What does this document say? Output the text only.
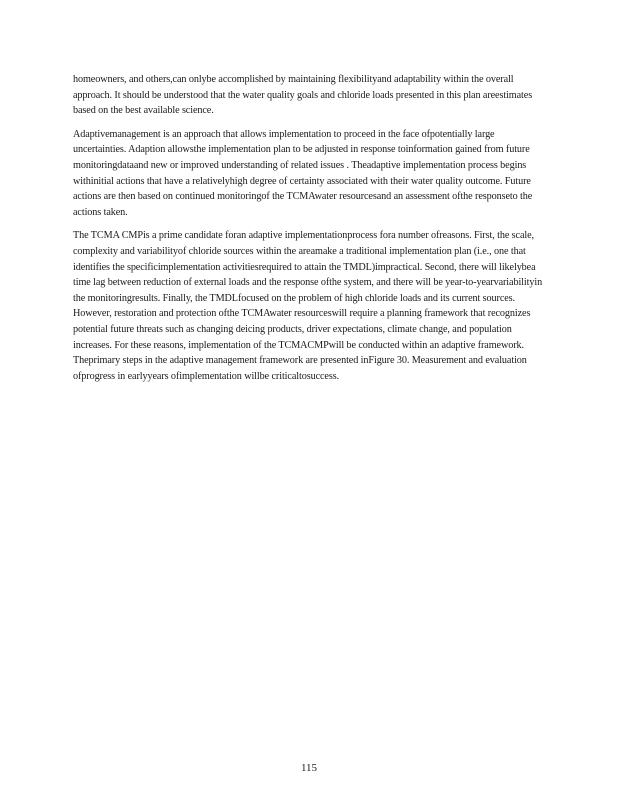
homeowners, and others,can onlybe accomplished by maintaining flexibilityand adaptability within the overall approach. It should be understood that the water quality goals and chloride loads presented in this plan areestimates based on the best available science.

Adaptivemanagement is an approach that allows implementation to proceed in the face ofpotentially large uncertainties. Adaption allowsthe implementation plan to be adjusted in response toinformation gained from future monitoringdataand new or improved understanding of related issues . Theadaptive implementation process begins withinitial actions that have a relativelyhigh degree of certainty associated with their water quality outcome. Future actions are then based on continued monitoringof the TCMAwater resourcesand an assessment ofthe responseto the actions taken.

The TCMA CMPis a prime candidate foran adaptive implementationprocess fora number ofreasons. First, the scale, complexity and variabilityof chloride sources within the areamake a traditional implementation plan (i.e., one that identifies the specificimplementation activitiesrequired to attain the TMDL)impractical. Second, there will likelybea time lag between reduction of external loads and the response ofthe system, and there will be year-to-yearvariabilityin the monitoringresults. Finally, the TMDLfocused on the problem of high chloride loads and its current sources. However, restoration and protection ofthe TCMAwater resourceswill require a planning framework that recognizes potential future threats such as changing deicing products, driver expectations, climate change, and population increases. For these reasons, implementation of the TCMACMPwill be conducted within an adaptive framework. Theprimary steps in the adaptive management framework are presented inFigure 30. Measurement and evaluation ofprogress in earlyyears ofimplementation willbe criticaltosuccess.

115
